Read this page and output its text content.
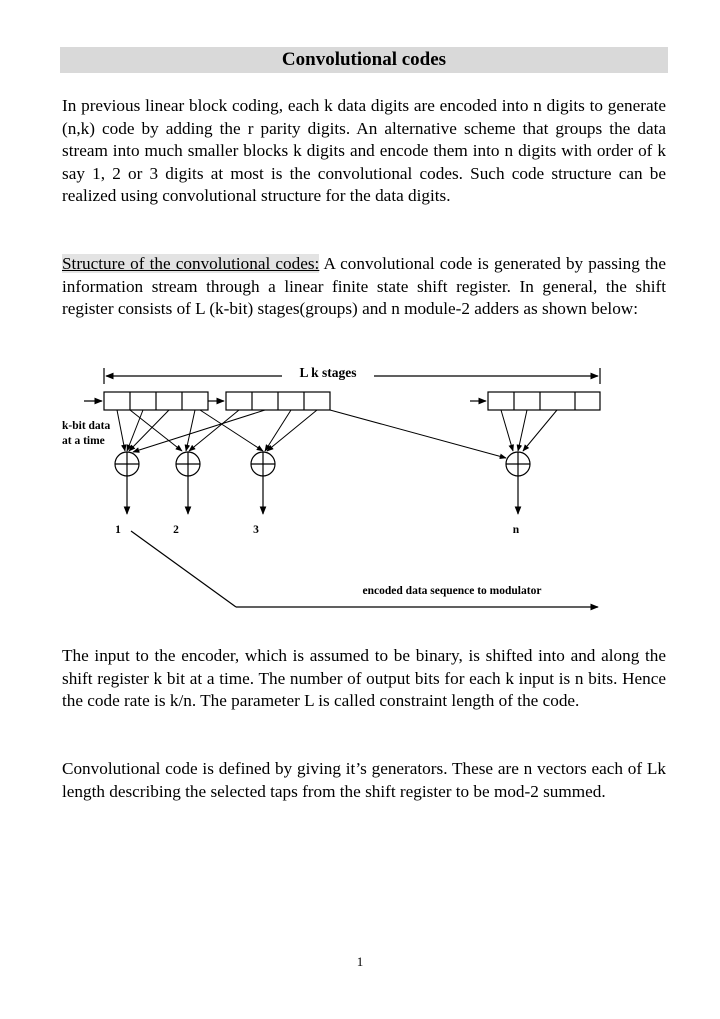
Convolutional codes

In previous linear block coding, each k data digits are encoded into n digits to generate (n,k) code by adding the r parity digits. An alternative scheme that groups the data stream into much smaller blocks k digits and encode them into n digits with order of k say 1, 2 or 3 digits at most is the convolutional codes. Such code structure can be realized using convolutional structure for the data digits.

Structure of the convolutional codes: A convolutional code is generated by passing the information stream through a linear finite state shift register. In general, the shift register consists of L (k-bit) stages(groups) and n module-2 adders as shown below:

L k stages
k-bit data
at a time
1	2	3	n
encoded data sequence to modulator

The input to the encoder, which is assumed to be binary, is shifted into and along the shift register k bit at a time. The number of output bits for each k input is n bits. Hence the code rate is k/n. The parameter L is called constraint length of the code.

Convolutional code is defined by giving it’s generators. These are n vectors each of Lk length describing the selected taps from the shift register to be mod-2 summed.

1
